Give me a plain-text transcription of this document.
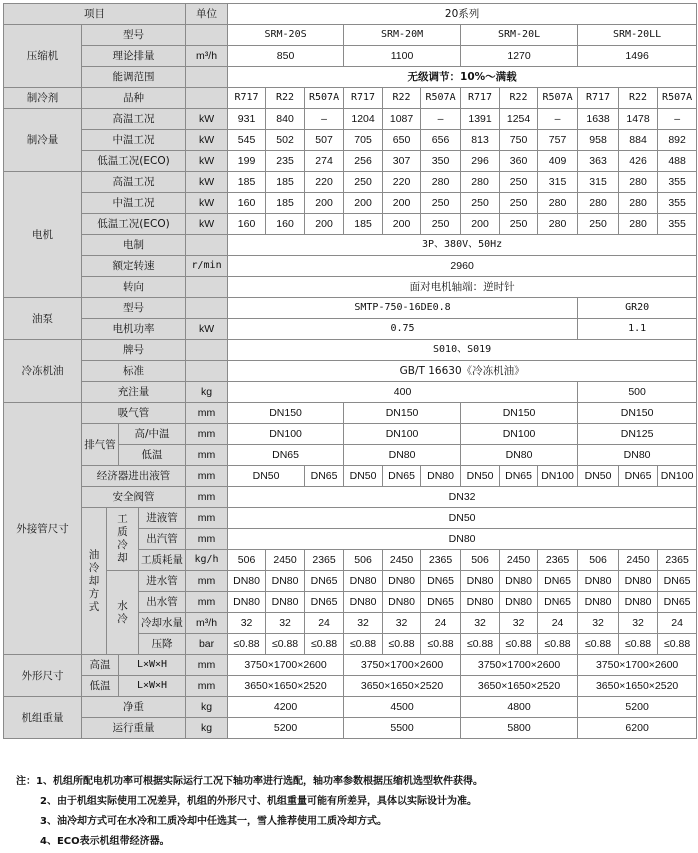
项目					单位	20系列											
压缩机	型号					SRM-20S			SRM-20M			SRM-20L			SRM-20LL		
	理论排量				m³/h	850			1100			1270			1496		
	能调范围					无级调节：10%～满载											
制冷剂	品种					R717	R22	R507A	R717	R22	R507A	R717	R22	R507A	R717	R22	R507A
制冷量	高温工况				kW	931	840	–	1204	1087	–	1391	1254	–	1638	1478	–
	中温工况				kW	545	502	507	705	650	656	813	750	757	958	884	892
	低温工况(ECO)				kW	199	235	274	256	307	350	296	360	409	363	426	488
电机	高温工况				kW	185	185	220	250	220	280	280	250	315	315	280	355
	中温工况				kW	160	185	200	200	200	250	250	250	280	280	280	355
	低温工况(ECO)				kW	160	160	200	185	200	250	200	250	280	250	280	355
	电制					3P、380V、50Hz											
	额定转速				r/min	2960											
	转向					面对电机轴端：逆时针											
油泵	型号					SMTP-750-16DE0.8									GR20		
	电机功率				kW	0.75									1.1		
冷冻机油	牌号					S010、S019											
	标准					GB/T 16630《冷冻机油》											
	充注量				kg	400									500		
外接管尺寸	吸气管				mm	DN150			DN150			DN150			DN150		
	排气管		高/中温		mm	DN100			DN100			DN100			DN125		
			低温		mm	DN65			DN80			DN80			DN80		
	经济器进出液管				mm	DN50		DN65	DN50	DN65	DN80	DN50	DN65	DN100	DN50	DN65	DN100
	安全阀管				mm	DN32											

	油冷却方式	工质冷却		进液管	mm	DN50											
				出汽管	mm	DN80											
				工质耗量	kg/h	506	2450	2365	506	2450	2365	506	2450	2365	506	2450	2365

		水冷		进水管	mm	DN80	DN80	DN65	DN80	DN80	DN65	DN80	DN80	DN65	DN80	DN80	DN65
				出水管	mm	DN80	DN80	DN65	DN80	DN80	DN65	DN80	DN80	DN65	DN80	DN80	DN65
				冷却水量	m³/h	32	32	24	32	32	24	32	32	24	32	32	24
				压降	bar	≤0.88	≤0.88	≤0.88	≤0.88	≤0.88	≤0.88	≤0.88	≤0.88	≤0.88	≤0.88	≤0.88	≤0.88
外形尺寸	高温		L×W×H		mm	3750×1700×2600			3750×1700×2600			3750×1700×2600			3750×1700×2600		
	低温		L×W×H		mm	3650×1650×2520			3650×1650×2520			3650×1650×2520			3650×1650×2520		
机组重量	净重				kg	4200			4500			4800			5200		
	运行重量				kg	5200			5500			5800			6200		
注：1、机组所配电机功率可根据实际运行工况下轴功率进行选配，轴功率参数根据压缩机选型软件获得。
2、由于机组实际使用工况差异，机组的外形尺寸、机组重量可能有所差异，具体以实际设计为准。
3、油冷却方式可在水冷和工质冷却中任选其一，雪人推荐使用工质冷却方式。
4、ECO表示机组带经济器。
